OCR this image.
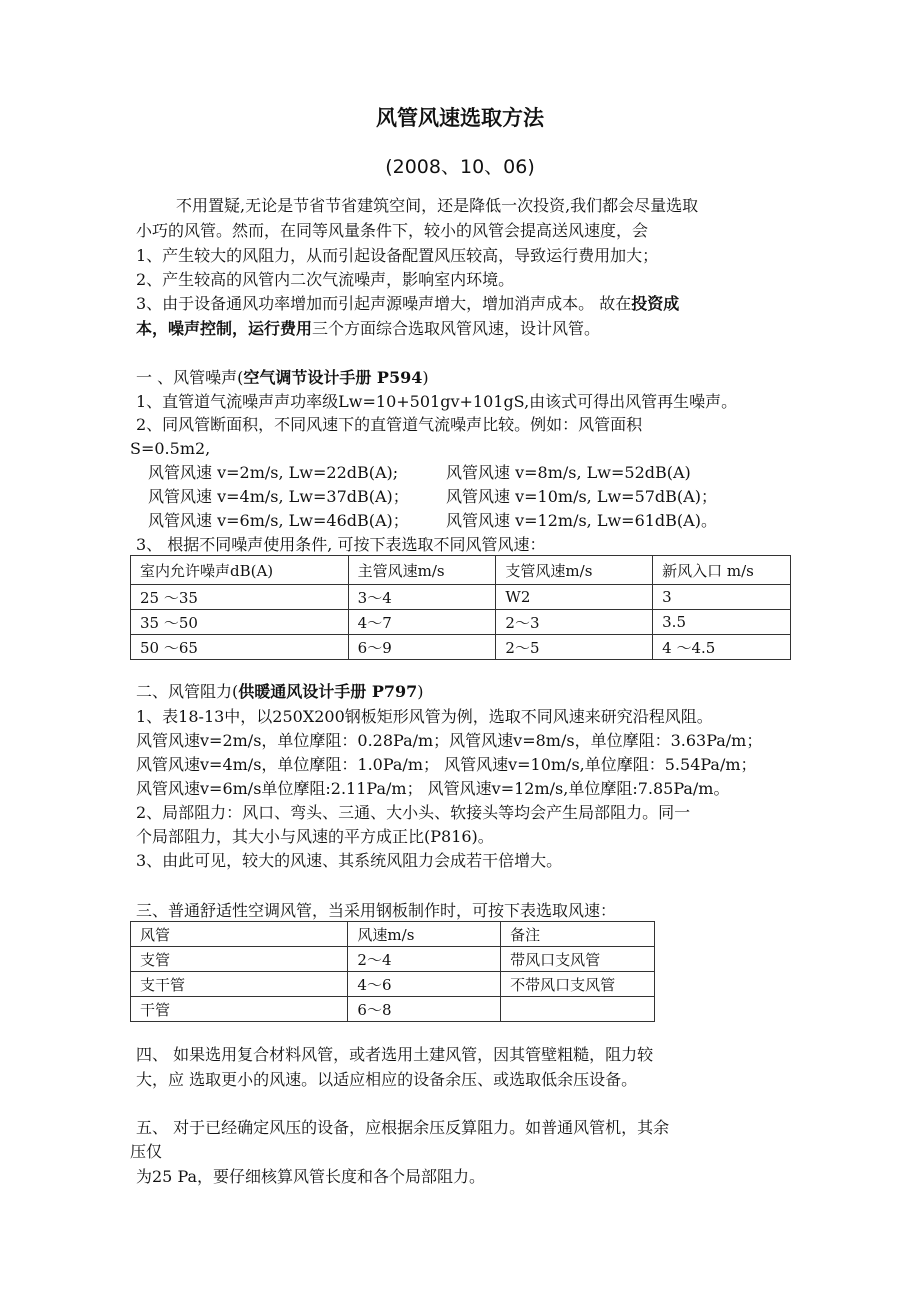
风管风速选取方法
(2008、10、06)
不用置疑,无论是节省节省建筑空间，还是降低一次投资,我们都会尽量选取
小巧的风管。然而，在同等风量条件下，较小的风管会提高送风速度，会
1、产生较大的风阻力，从而引起设备配置风压较高，导致运行费用加大；
2、产生较高的风管内二次气流噪声，影响室内环境。
3、由于设备通风功率增加而引起声源噪声增大，增加消声成本。 故在投资成
本，噪声控制，运行费用三个方面综合选取风管风速，设计风管。
一 、风管噪声(空气调节设计手册 P594)
1、直管道气流噪声声功率级Lw=10+501gv+101gS,由该式可得出风管再生噪声。
2、同风管断面积，不同风速下的直管道气流噪声比较。例如：风管面积
S=0.5m2,
风管风速 v=2m/s, Lw=22dB(A);	风管风速 v=8m/s, Lw=52dB(A)
风管风速 v=4m/s, Lw=37dB(A)； 风管风速 v=10m/s, Lw=57dB(A)；
风管风速 v=6m/s, Lw=46dB(A)； 风管风速 v=12m/s, Lw=61dB(A)。
3、 根据不同噪声使用条件, 可按下表选取不同风管风速：
室内允许噪声dB(A)	主管风速m/s	支管风速m/s	新风入口 m/s
25 ～35	3～4	W2	3
35 ～50	4～7	2～3	3.5
50 ～65	6～9	2～5	4 ～4.5
二、风管阻力(供暖通风设计手册 P797)
1、表18-13中，以250X200钢板矩形风管为例，选取不同风速来研究沿程风阻。
风管风速v=2m/s，单位摩阻：0.28Pa/m；风管风速v=8m/s，单位摩阻：3.63Pa/m；
风管风速v=4m/s，单位摩阻：1.0Pa/m； 风管风速v=10m/s,单位摩阻：5.54Pa/m；
风管风速v=6m/s单位摩阻:2.11Pa/m； 风管风速v=12m/s,单位摩阻:7.85Pa/m。
2、局部阻力：风口、弯头、三通、大小头、软接头等均会产生局部阻力。同一
个局部阻力，其大小与风速的平方成正比(P816)。
3、由此可见，较大的风速、其系统风阻力会成若干倍增大。
三、普通舒适性空调风管，当采用钢板制作时，可按下表选取风速：
风管	风速m/s	备注
支管	2～4	带风口支风管
支干管	4～6	不带风口支风管
干管	6～8	
四、 如果选用复合材料风管，或者选用土建风管，因其管壁粗糙，阻力较
大，应 选取更小的风速。以适应相应的设备余压、或选取低余压设备。
五、 对于已经确定风压的设备，应根据余压反算阻力。如普通风管机，其余
压仅
为25 Pa，要仔细核算风管长度和各个局部阻力。
